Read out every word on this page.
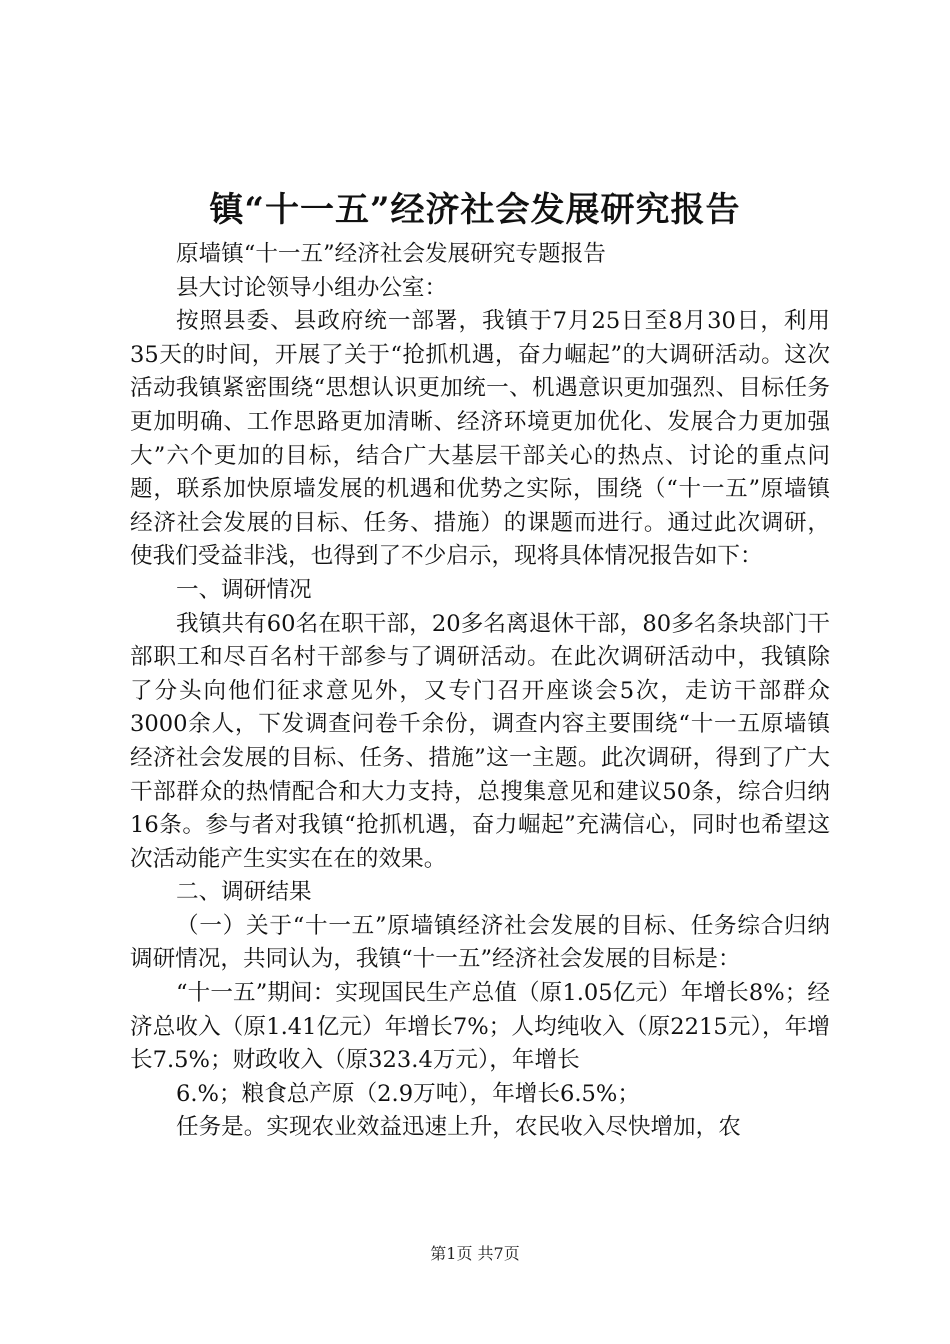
镇“十一五”经济社会发展研究报告

原墙镇“十一五”经济社会发展研究专题报告

县大讨论领导小组办公室：

按照县委、县政府统一部署，我镇于7月25日至8月30日，利用35天的时间，开展了关于“抢抓机遇，奋力崛起”的大调研活动。这次活动我镇紧密围绕“思想认识更加统一、机遇意识更加强烈、目标任务更加明确、工作思路更加清晰、经济环境更加优化、发展合力更加强大”六个更加的目标，结合广大基层干部关心的热点、讨论的重点问题，联系加快原墙发展的机遇和优势之实际，围绕（“十一五”原墙镇经济社会发展的目标、任务、措施）的课题而进行。通过此次调研，使我们受益非浅，也得到了不少启示，现将具体情况报告如下：

一、调研情况

我镇共有60名在职干部，20多名离退休干部，80多名条块部门干部职工和尽百名村干部参与了调研活动。在此次调研活动中，我镇除了分头向他们征求意见外，又专门召开座谈会5次，走访干部群众3000余人，下发调查问卷千余份，调查内容主要围绕“十一五原墙镇经济社会发展的目标、任务、措施”这一主题。此次调研，得到了广大干部群众的热情配合和大力支持，总搜集意见和建议50条，综合归纳16条。参与者对我镇“抢抓机遇，奋力崛起”充满信心，同时也希望这次活动能产生实实在在的效果。

二、调研结果

（一）关于“十一五”原墙镇经济社会发展的目标、任务综合归纳调研情况，共同认为，我镇“十一五”经济社会发展的目标是：

“十一五”期间：实现国民生产总值（原1.05亿元）年增长8%；经济总收入（原1.41亿元）年增长7%；人均纯收入（原2215元），年增长7.5%；财政收入（原323.4万元），年增长

6.%；粮食总产原（2.9万吨），年增长6.5%；

任务是。实现农业效益迅速上升，农民收入尽快增加，农

第1页 共7页
